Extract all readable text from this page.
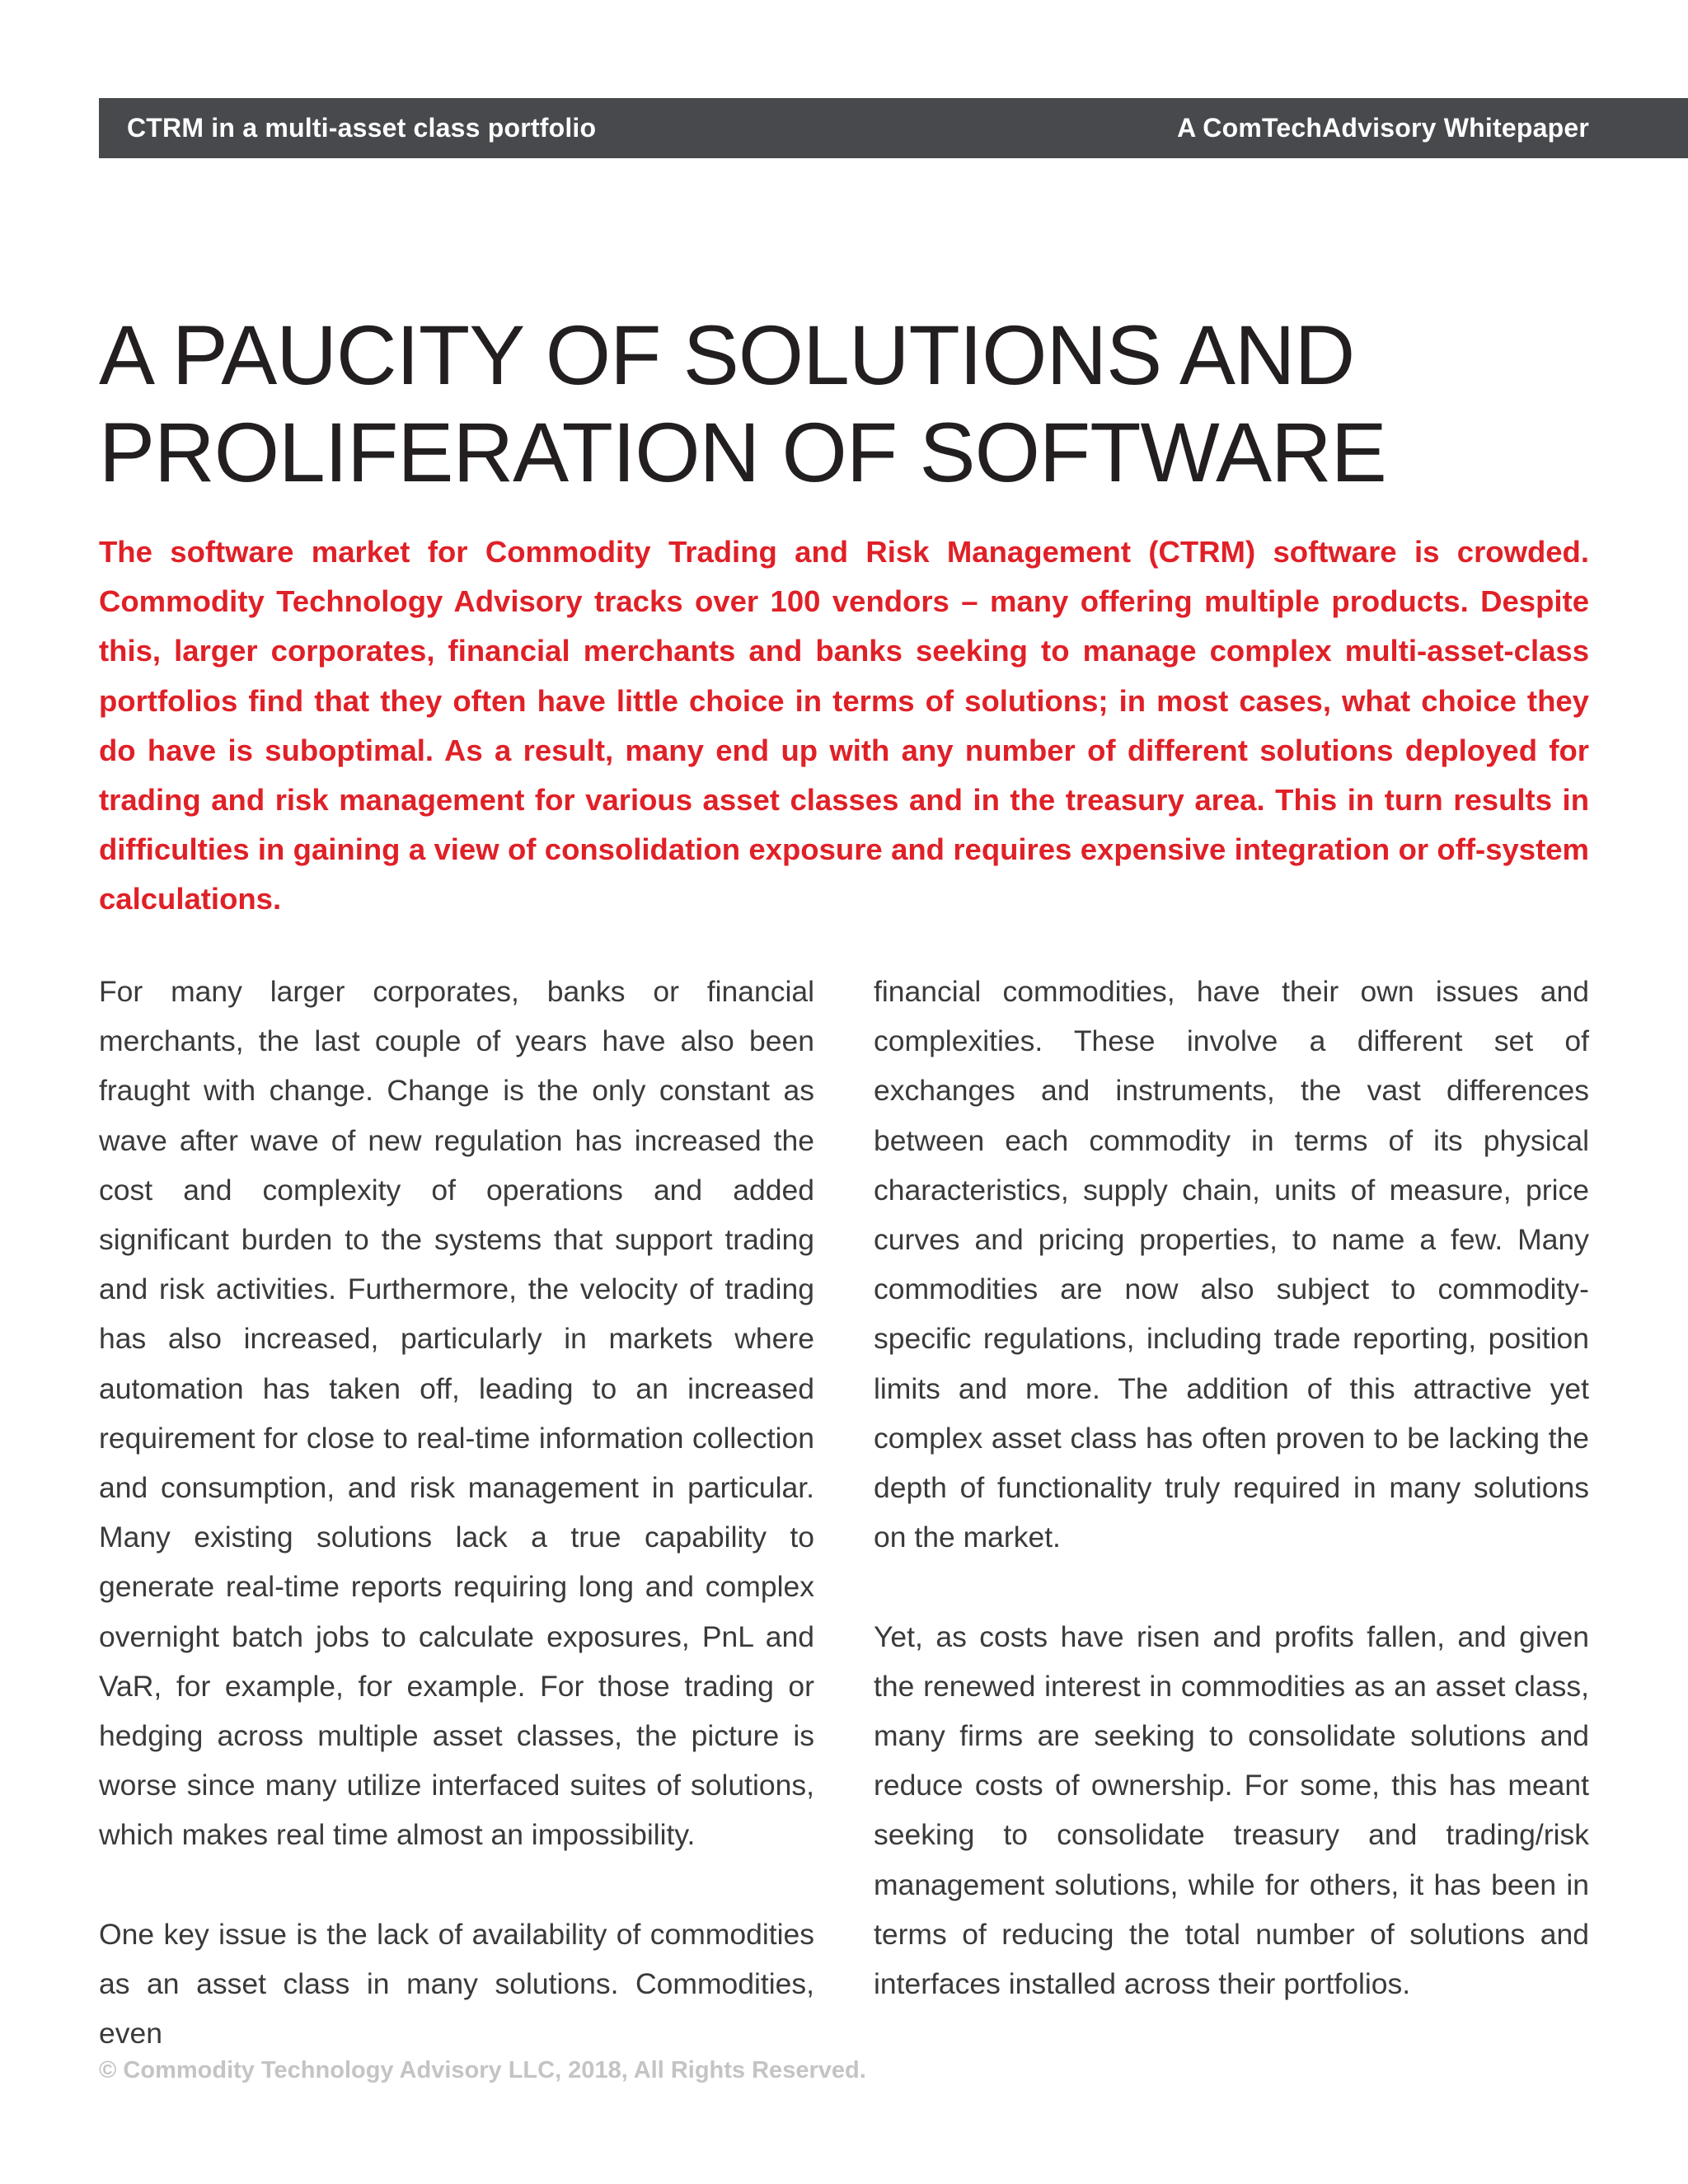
CTRM in a multi-asset class portfolio	A ComTechAdvisory Whitepaper
A PAUCITY OF SOLUTIONS AND
PROLIFERATION OF SOFTWARE

The software market for Commodity Trading and Risk Management (CTRM) software is crowded. Commodity Technology Advisory tracks over 100 vendors – many offering multiple products. Despite this, larger corporates, financial merchants and banks seeking to manage complex multi-asset-class portfolios find that they often have little choice in terms of solutions; in most cases, what choice they do have is suboptimal. As a result, many end up with any number of different solutions deployed for trading and risk management for various asset classes and in the treasury area. This in turn results in difficulties in gaining a view of consolidation exposure and requires expensive integration or off-system calculations.

For many larger corporates, banks or financial merchants, the last couple of years have also been fraught with change. Change is the only constant as wave after wave of new regulation has increased the cost and complexity of operations and added significant burden to the systems that support trading and risk activities. Furthermore, the velocity of trading has also increased, particularly in markets where automation has taken off, leading to an increased requirement for close to real-time information collection and consumption, and risk management in particular. Many existing solutions lack a true capability to generate real-time reports requiring long and complex overnight batch jobs to calculate exposures, PnL and VaR, for example, for example. For those trading or hedging across multiple asset classes, the picture is worse since many utilize interfaced suites of solutions, which makes real time almost an impossibility.

One key issue is the lack of availability of commodities as an asset class in many solutions. Commodities, even

financial commodities, have their own issues and complexities. These involve a different set of exchanges and instruments, the vast differences between each commodity in terms of its physical characteristics, supply chain, units of measure, price curves and pricing properties, to name a few. Many commodities are now also subject to commodity-specific regulations, including trade reporting, position limits and more. The addition of this attractive yet complex asset class has often proven to be lacking the depth of functionality truly required in many solutions on the market.

Yet, as costs have risen and profits fallen, and given the renewed interest in commodities as an asset class, many firms are seeking to consolidate solutions and reduce costs of ownership. For some, this has meant seeking to consolidate treasury and trading/risk management solutions, while for others, it has been in terms of reducing the total number of solutions and interfaces installed across their portfolios.

© Commodity Technology Advisory LLC, 2018, All Rights Reserved.
